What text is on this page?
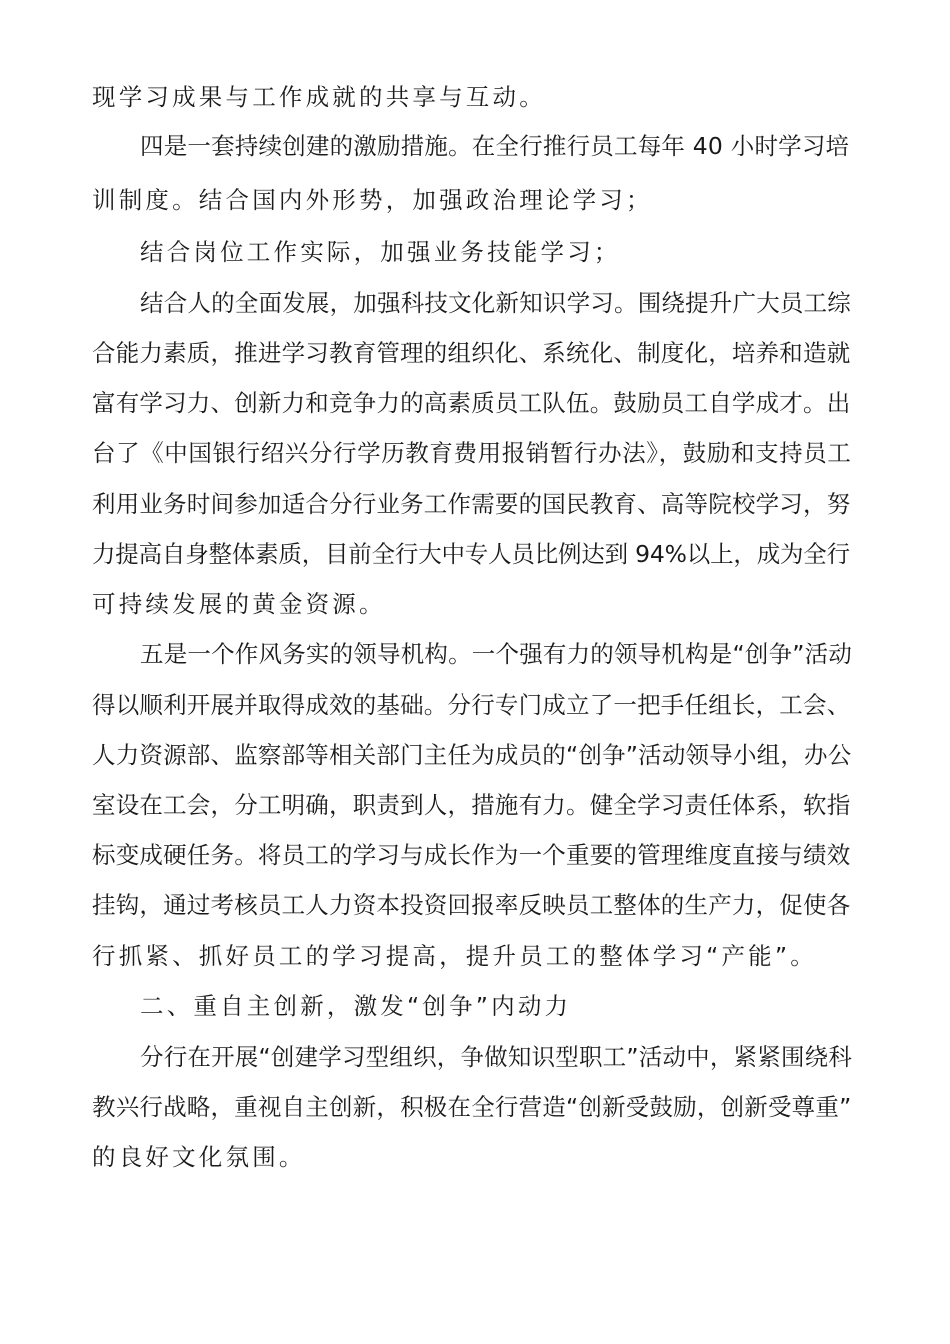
现学习成果与工作成就的共享与互动。
四是一套持续创建的激励措施。在全行推行员工每年 40 小时学习培
训制度。结合国内外形势，加强政治理论学习；
结合岗位工作实际，加强业务技能学习；
结合人的全面发展，加强科技文化新知识学习。围绕提升广大员工综
合能力素质，推进学习教育管理的组织化、系统化、制度化，培养和造就
富有学习力、创新力和竞争力的高素质员工队伍。鼓励员工自学成才。出
台了《中国银行绍兴分行学历教育费用报销暂行办法》，鼓励和支持员工
利用业务时间参加适合分行业务工作需要的国民教育、高等院校学习，努
力提高自身整体素质，目前全行大中专人员比例达到 94%以上，成为全行
可持续发展的黄金资源。
五是一个作风务实的领导机构。一个强有力的领导机构是“创争”活动
得以顺利开展并取得成效的基础。分行专门成立了一把手任组长，工会、
人力资源部、监察部等相关部门主任为成员的“创争”活动领导小组，办公
室设在工会，分工明确，职责到人，措施有力。健全学习责任体系，软指
标变成硬任务。将员工的学习与成长作为一个重要的管理维度直接与绩效
挂钩，通过考核员工人力资本投资回报率反映员工整体的生产力，促使各
行抓紧、抓好员工的学习提高，提升员工的整体学习“产能”。
二、重自主创新，激发“创争”内动力
分行在开展“创建学习型组织，争做知识型职工”活动中，紧紧围绕科
教兴行战略，重视自主创新，积极在全行营造“创新受鼓励，创新受尊重”
的良好文化氛围。
